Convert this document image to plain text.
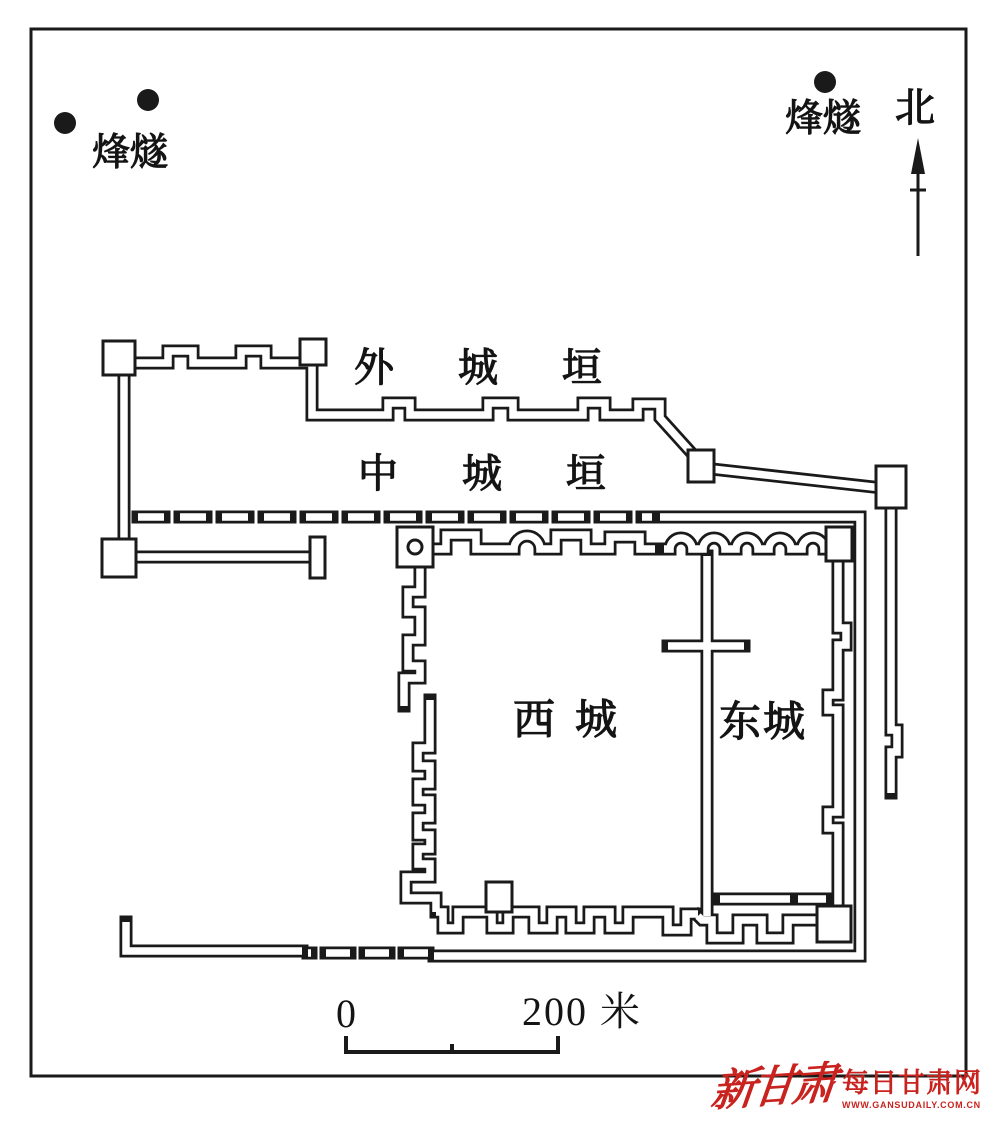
烽燧
烽燧 北
外城垣
中城垣
西城 东城
0	200 米
新甘肃 每日甘肃网
WWW.GANSUDAILY.COM.CN
